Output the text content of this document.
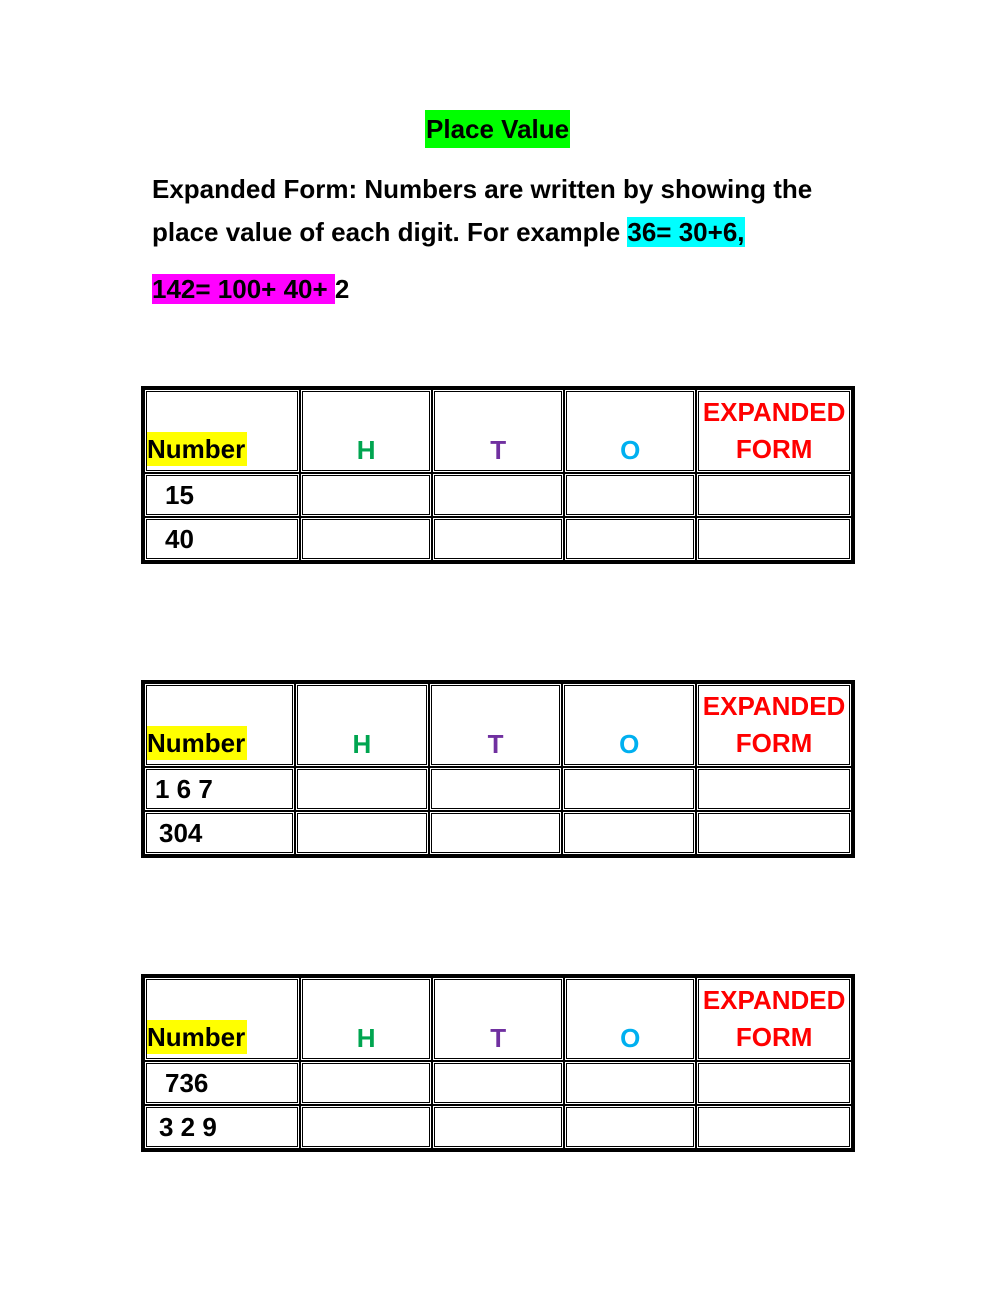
Place Value
Expanded Form: Numbers are written by showing the place value of each digit. For example 36= 30+6,
142= 100+ 40+ 2
Number	H	T	O	EXPANDED FORM
15				
40				
Number	H	T	O	EXPANDED FORM
1 6 7				
304				
Number	H	T	O	EXPANDED FORM
736				
3 2 9				
